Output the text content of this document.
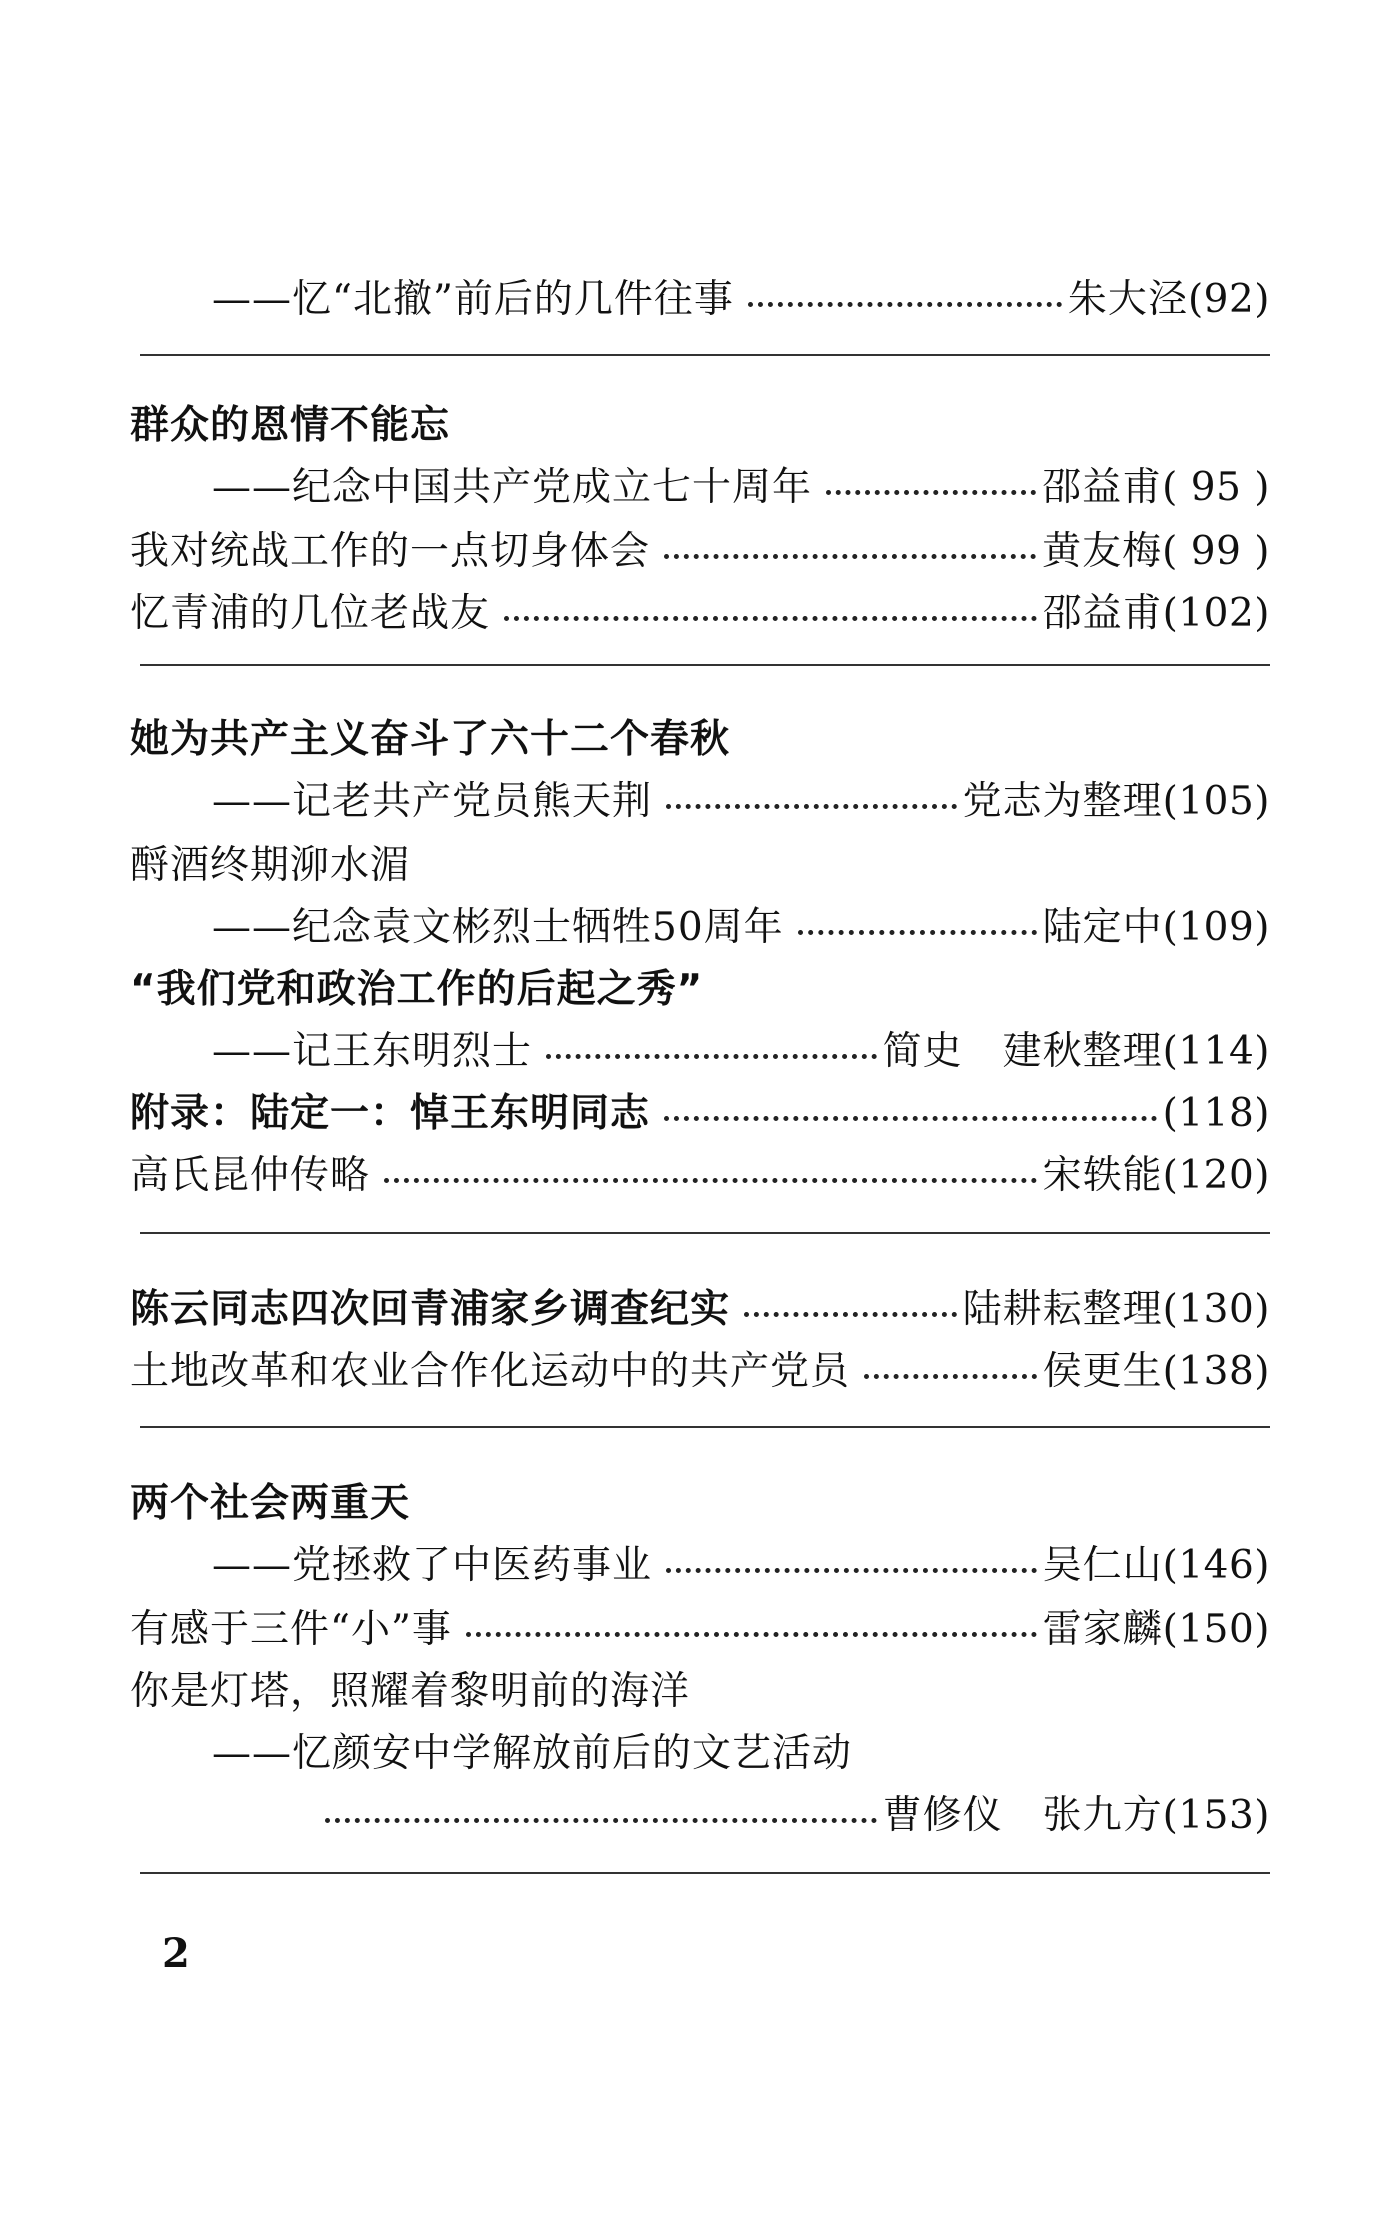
——忆“北撤”前后的几件往事	朱大泾 (92)
群众的恩情不能忘
——纪念中国共产党成立七十周年	邵益甫 ( 95 )
我对统战工作的一点切身体会	黄友梅 ( 99 )
忆青浦的几位老战友	邵益甫 (102)
她为共产主义奋斗了六十二个春秋
——记老共产党员熊天荆	党志为整理 (105)
酹酒终期泖水湄
——纪念袁文彬烈士牺牲50周年	陆定中 (109)
“我们党和政治工作的后起之秀”
——记王东明烈士	简史　建秋整理 (114)
附录：陆定一：悼王东明同志	(118)
高氏昆仲传略	宋轶能 (120)
陈云同志四次回青浦家乡调查纪实	陆耕耘整理 (130)
土地改革和农业合作化运动中的共产党员	侯更生 (138)
两个社会两重天
——党拯救了中医药事业	吴仁山 (146)
有感于三件“小”事	雷家麟 (150)
你是灯塔，照耀着黎明前的海洋
——忆颜安中学解放前后的文艺活动
曹修仪　张九方 (153)
2
